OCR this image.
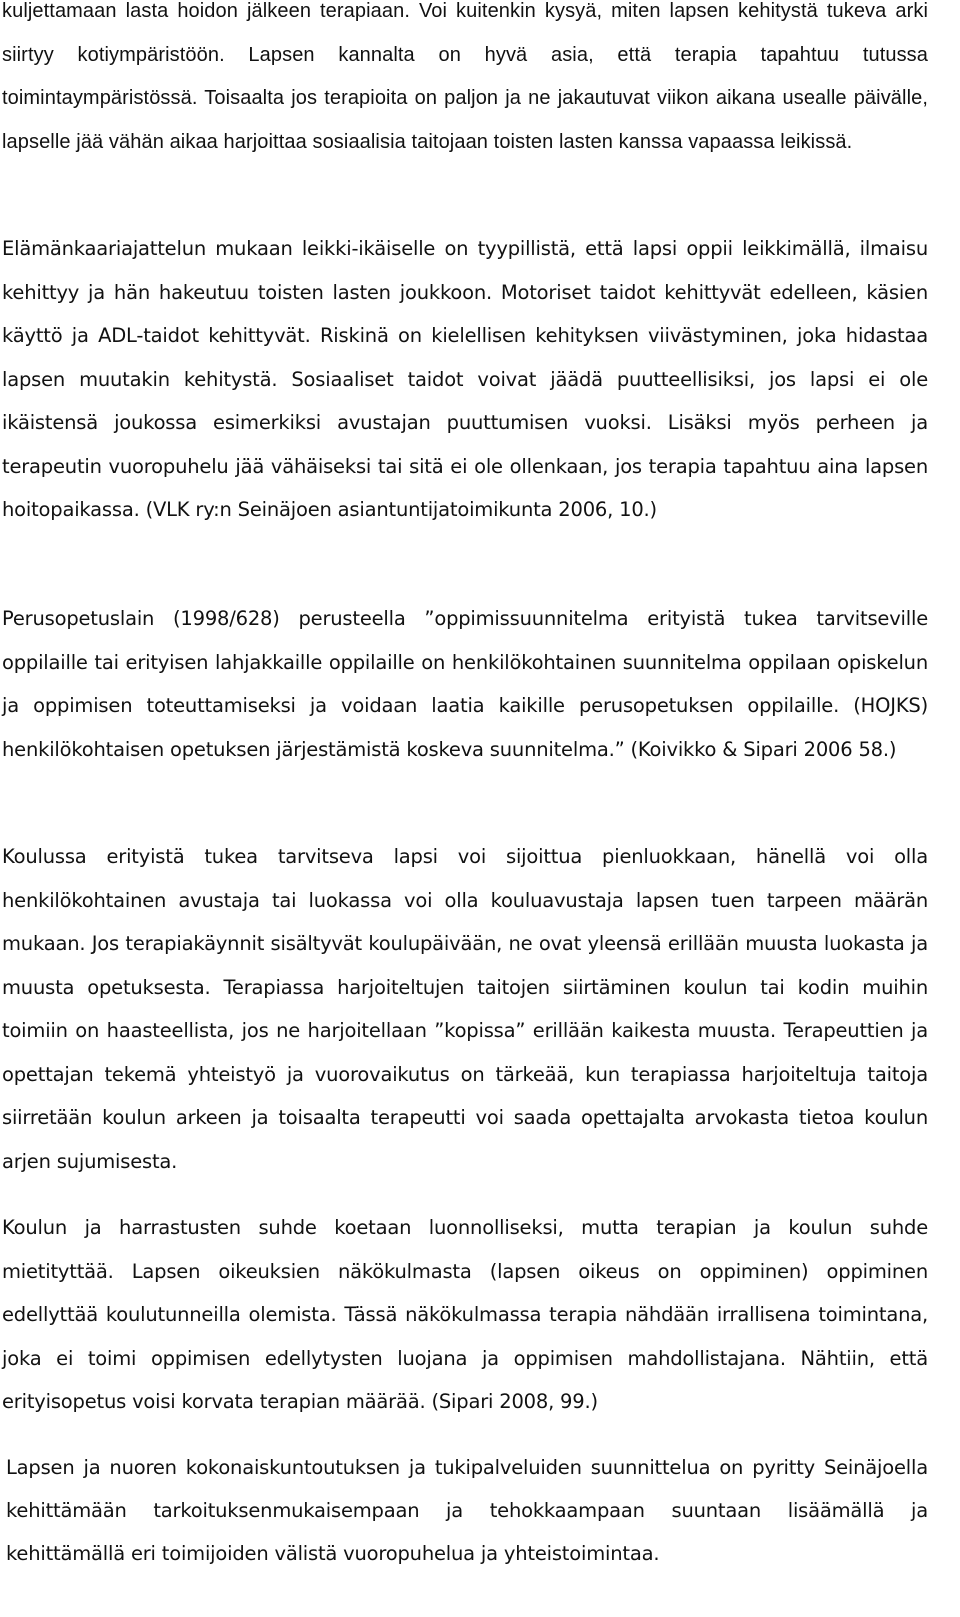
kuljettamaan lasta hoidon jälkeen terapiaan. Voi kuitenkin kysyä, miten lapsen kehitystä tukeva arki siirtyy kotiympäristöön. Lapsen kannalta on hyvä asia, että terapia tapahtuu tutussa toimintaympäristössä. Toisaalta jos terapioita on paljon ja ne jakautuvat viikon aikana usealle päivälle, lapselle jää vähän aikaa harjoittaa sosiaalisia taitojaan toisten lasten kanssa vapaassa leikissä.

Elämänkaariajattelun mukaan leikki-ikäiselle on tyypillistä, että lapsi oppii leikkimällä, ilmaisu kehittyy ja hän hakeutuu toisten lasten joukkoon. Motoriset taidot kehittyvät edelleen, käsien käyttö ja ADL-taidot kehittyvät. Riskinä on kielellisen kehityksen viivästyminen, joka hidastaa lapsen muutakin kehitystä. Sosiaaliset taidot voivat jäädä puutteellisiksi, jos lapsi ei ole ikäistensä joukossa esimerkiksi avustajan puuttumisen vuoksi. Lisäksi myös perheen ja terapeutin vuoropuhelu jää vähäiseksi tai sitä ei ole ollenkaan, jos terapia tapahtuu aina lapsen hoitopaikassa. (VLK ry:n Seinäjoen asiantuntijatoimikunta 2006, 10.)

Perusopetuslain (1998/628) perusteella ”oppimissuunnitelma erityistä tukea tarvitseville oppilaille tai erityisen lahjakkaille oppilaille on henkilökohtainen suunnitelma oppilaan opiskelun ja oppimisen toteuttamiseksi ja voidaan laatia kaikille perusopetuksen oppilaille. (HOJKS) henkilökohtaisen opetuksen järjestämistä koskeva suunnitelma.” (Koivikko & Sipari 2006 58.)

Koulussa erityistä tukea tarvitseva lapsi voi sijoittua pienluokkaan, hänellä voi olla henkilökohtainen avustaja tai luokassa voi olla kouluavustaja lapsen tuen tarpeen määrän mukaan. Jos terapiakäynnit sisältyvät koulupäivään, ne ovat yleensä erillään muusta luokasta ja muusta opetuksesta. Terapiassa harjoiteltujen taitojen siirtäminen koulun tai kodin muihin toimiin on haasteellista, jos ne harjoitellaan ”kopissa” erillään kaikesta muusta. Terapeuttien ja opettajan tekemä yhteistyö ja vuorovaikutus on tärkeää, kun terapiassa harjoiteltuja taitoja siirretään koulun arkeen ja toisaalta terapeutti voi saada opettajalta arvokasta tietoa koulun arjen sujumisesta.

Koulun ja harrastusten suhde koetaan luonnolliseksi, mutta terapian ja koulun suhde mietityttää. Lapsen oikeuksien näkökulmasta (lapsen oikeus on oppiminen) oppiminen edellyttää koulutunneilla olemista. Tässä näkökulmassa terapia nähdään irrallisena toimintana, joka ei toimi oppimisen edellytysten luojana ja oppimisen mahdollistajana. Nähtiin, että erityisopetus voisi korvata terapian määrää. (Sipari 2008, 99.)

Lapsen ja nuoren kokonaiskuntoutuksen ja tukipalveluiden suunnittelua on pyritty Seinäjoella kehittämään tarkoituksenmukaisempaan ja tehokkaampaan suuntaan lisäämällä ja kehittämällä eri toimijoiden välistä vuoropuhelua ja yhteistoimintaa.
